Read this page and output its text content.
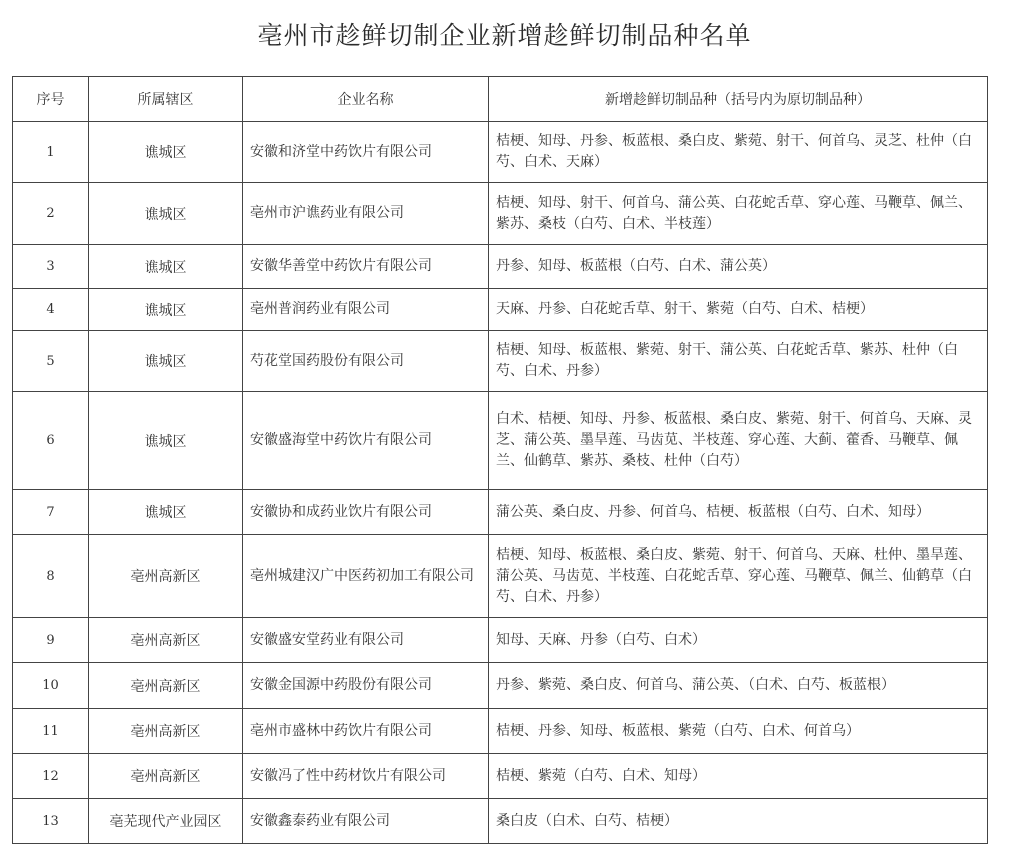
亳州市趁鲜切制企业新增趁鲜切制品种名单
序号	所属辖区	企业名称	新增趁鲜切制品种（括号内为原切制品种）
1	谯城区	安徽和济堂中药饮片有限公司	桔梗、知母、丹参、板蓝根、桑白皮、紫菀、射干、何首乌、灵芝、杜仲（白芍、白术、天麻）
2	谯城区	亳州市沪谯药业有限公司	桔梗、知母、射干、何首乌、蒲公英、白花蛇舌草、穿心莲、马鞭草、佩兰、紫苏、桑枝（白芍、白术、半枝莲）
3	谯城区	安徽华善堂中药饮片有限公司	丹参、知母、板蓝根（白芍、白术、蒲公英）
4	谯城区	亳州普润药业有限公司	天麻、丹参、白花蛇舌草、射干、紫菀（白芍、白术、桔梗）
5	谯城区	芍花堂国药股份有限公司	桔梗、知母、板蓝根、紫菀、射干、蒲公英、白花蛇舌草、紫苏、杜仲（白芍、白术、丹参）
6	谯城区	安徽盛海堂中药饮片有限公司	白术、桔梗、知母、丹参、板蓝根、桑白皮、紫菀、射干、何首乌、天麻、灵芝、蒲公英、墨旱莲、马齿苋、半枝莲、穿心莲、大蓟、藿香、马鞭草、佩兰、仙鹤草、紫苏、桑枝、杜仲（白芍）
7	谯城区	安徽协和成药业饮片有限公司	蒲公英、桑白皮、丹参、何首乌、桔梗、板蓝根（白芍、白术、知母）
8	亳州高新区	亳州城建汉广中医药初加工有限公司	桔梗、知母、板蓝根、桑白皮、紫菀、射干、何首乌、天麻、杜仲、墨旱莲、蒲公英、马齿苋、半枝莲、白花蛇舌草、穿心莲、马鞭草、佩兰、仙鹤草（白芍、白术、丹参）
9	亳州高新区	安徽盛安堂药业有限公司	知母、天麻、丹参（白芍、白术）
10	亳州高新区	安徽金国源中药股份有限公司	丹参、紫菀、桑白皮、何首乌、蒲公英、（白术、白芍、板蓝根）
11	亳州高新区	亳州市盛林中药饮片有限公司	桔梗、丹参、知母、板蓝根、紫菀（白芍、白术、何首乌）
12	亳州高新区	安徽冯了性中药材饮片有限公司	桔梗、紫菀（白芍、白术、知母）
13	亳芜现代产业园区	安徽鑫泰药业有限公司	桑白皮（白术、白芍、桔梗）
